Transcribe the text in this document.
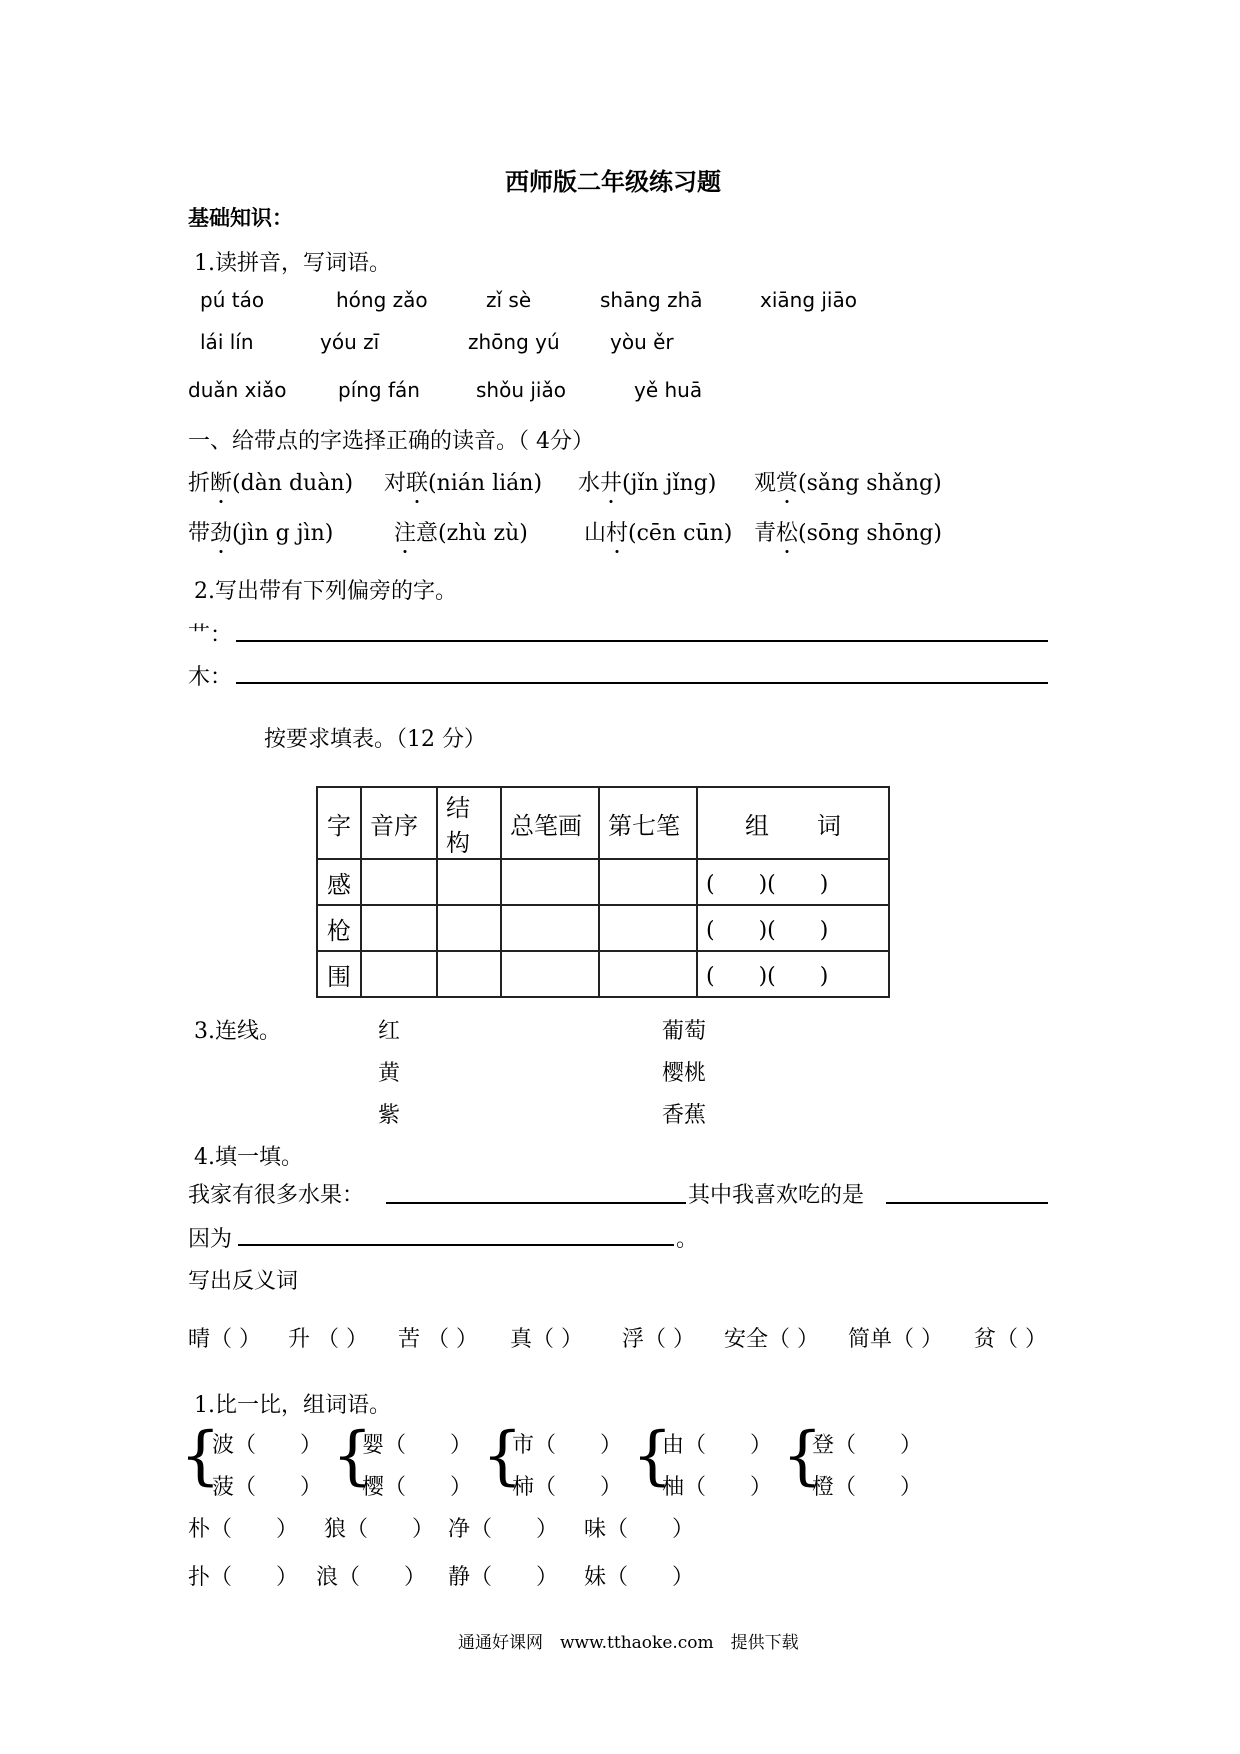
西师版二年级练习题
基础知识：
1.读拼音，写词语。
pú táo	hóng zǎo	zǐ sè	shāng zhā	xiāng jiāo
lái lín	yóu zī	zhōng yú	yòu ěr
duǎn xiǎo	píng fán	shǒu jiǎo	yě huā
一、给带点的字选择正确的读音。（ 4分）
折断(dàn duàn) 对联(nián lián) 水井(jǐn jǐng) 观赏(sǎng shǎng)
带劲(jìn g jìn)	注意(zhù zù)	山村(cēn cūn) 青松(sōng shōng)
2.写出带有下列偏旁的字。
艹：
木：
按要求填表。（12 分）
字	音序	结构	总笔画	第七笔	组　　词
感					(　　)(　　)
枪					(　　)(　　)
围					(　　)(　　)
3.连线。	红
黄
紫
葡萄
樱桃
香蕉
4.填一填。
我家有很多水果：	其中我喜欢吃的是
因为	。
写出反义词
晴（ ） 升 （ ） 苦 （ ） 真（ ） 浮（ ） 安全（ ） 简单（ ） 贫（ ）
1.比一比，组词语。
{
波（　　）
菠（　　） {
婴（　　）
樱（　　） {
市（　　）
柿（　　） {
由（　　）
柚（　　） {
登（　　）
橙（　　）
朴（　　） 狼（　　） 净（　　） 味（　　）
扑（　　） 浪（　　） 静（　　） 妹（　　）
通通好课网　www.tthaoke.com　提供下载
